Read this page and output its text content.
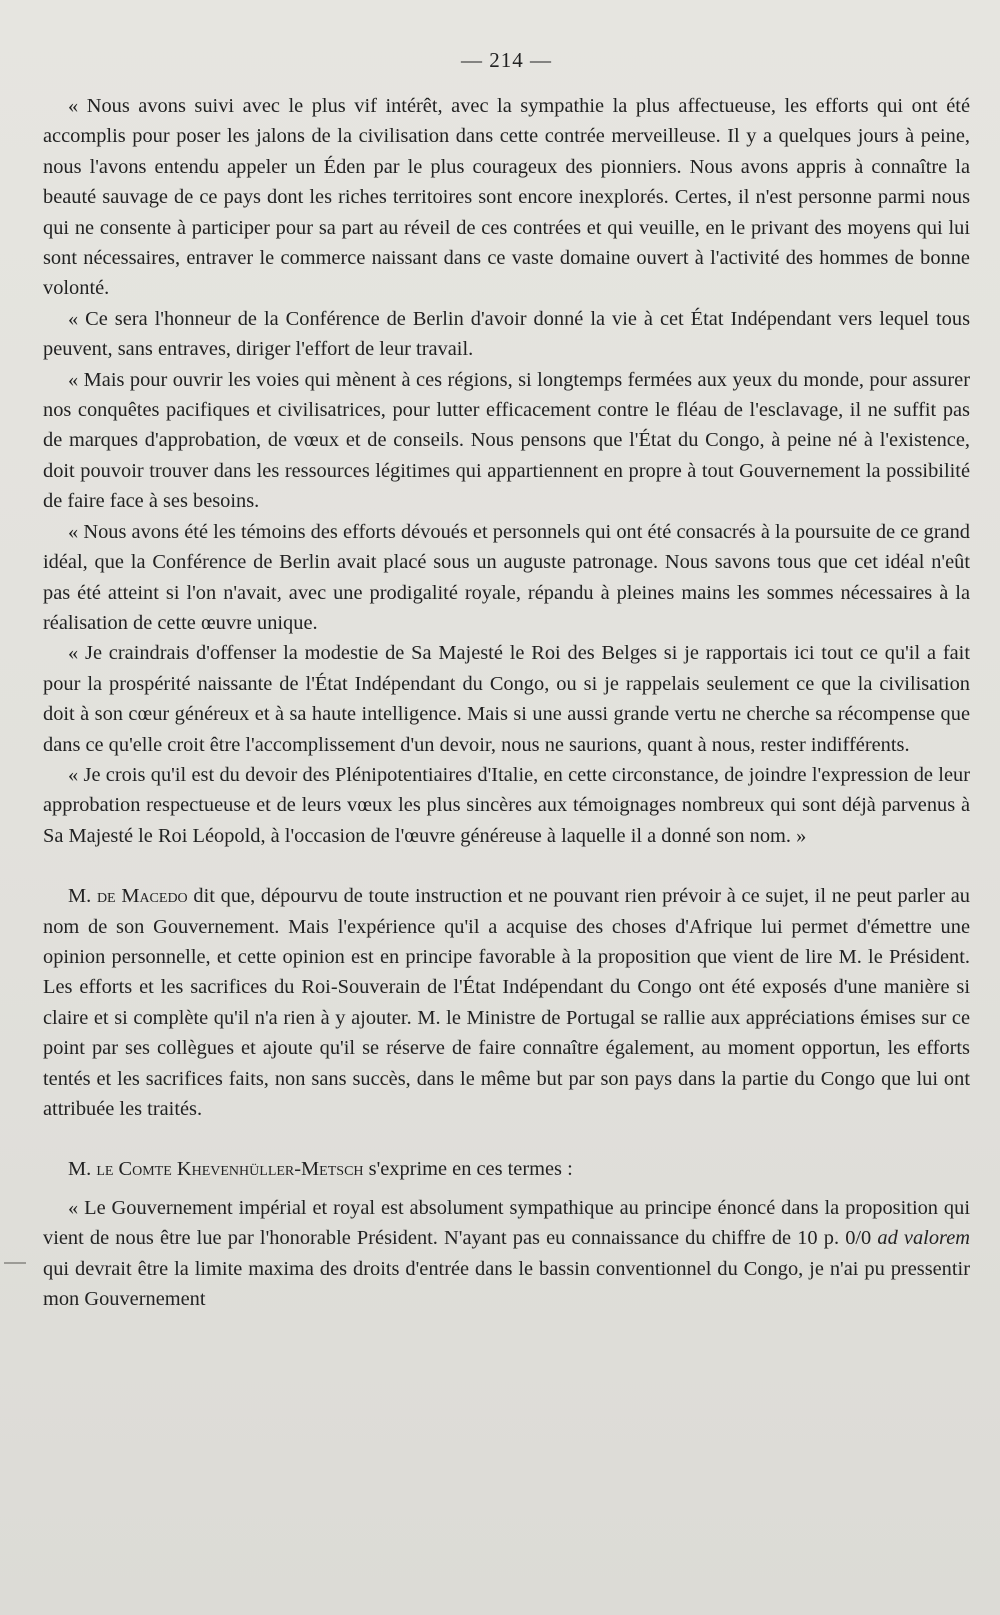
— 214 —

« Nous avons suivi avec le plus vif intérêt, avec la sympathie la plus affectueuse, les efforts qui ont été accomplis pour poser les jalons de la civilisation dans cette contrée merveilleuse. Il y a quelques jours à peine, nous l'avons entendu appeler un Éden par le plus courageux des pionniers. Nous avons appris à connaître la beauté sauvage de ce pays dont les riches territoires sont encore inexplorés. Certes, il n'est personne parmi nous qui ne consente à participer pour sa part au réveil de ces contrées et qui veuille, en le privant des moyens qui lui sont nécessaires, entraver le commerce naissant dans ce vaste domaine ouvert à l'activité des hommes de bonne volonté.

« Ce sera l'honneur de la Conférence de Berlin d'avoir donné la vie à cet État Indépendant vers lequel tous peuvent, sans entraves, diriger l'effort de leur travail.

« Mais pour ouvrir les voies qui mènent à ces régions, si longtemps fermées aux yeux du monde, pour assurer nos conquêtes pacifiques et civilisatrices, pour lutter efficacement contre le fléau de l'esclavage, il ne suffit pas de marques d'approbation, de vœux et de conseils. Nous pensons que l'État du Congo, à peine né à l'existence, doit pouvoir trouver dans les ressources légitimes qui appartiennent en propre à tout Gouvernement la possibilité de faire face à ses besoins.

« Nous avons été les témoins des efforts dévoués et personnels qui ont été consacrés à la poursuite de ce grand idéal, que la Conférence de Berlin avait placé sous un auguste patronage. Nous savons tous que cet idéal n'eût pas été atteint si l'on n'avait, avec une prodigalité royale, répandu à pleines mains les sommes nécessaires à la réalisation de cette œuvre unique.

« Je craindrais d'offenser la modestie de Sa Majesté le Roi des Belges si je rapportais ici tout ce qu'il a fait pour la prospérité naissante de l'État Indépendant du Congo, ou si je rappelais seulement ce que la civilisation doit à son cœur généreux et à sa haute intelligence. Mais si une aussi grande vertu ne cherche sa récompense que dans ce qu'elle croit être l'accomplissement d'un devoir, nous ne saurions, quant à nous, rester indifférents.

« Je crois qu'il est du devoir des Plénipotentiaires d'Italie, en cette circonstance, de joindre l'expression de leur approbation respectueuse et de leurs vœux les plus sincères aux témoignages nombreux qui sont déjà parvenus à Sa Majesté le Roi Léopold, à l'occasion de l'œuvre généreuse à laquelle il a donné son nom. »

M. de Macedo dit que, dépourvu de toute instruction et ne pouvant rien prévoir à ce sujet, il ne peut parler au nom de son Gouvernement. Mais l'expérience qu'il a acquise des choses d'Afrique lui permet d'émettre une opinion personnelle, et cette opinion est en principe favorable à la proposition que vient de lire M. le Président. Les efforts et les sacrifices du Roi-Souverain de l'État Indépendant du Congo ont été exposés d'une manière si claire et si complète qu'il n'a rien à y ajouter. M. le Ministre de Portugal se rallie aux appréciations émises sur ce point par ses collègues et ajoute qu'il se réserve de faire connaître également, au moment opportun, les efforts tentés et les sacrifices faits, non sans succès, dans le même but par son pays dans la partie du Congo que lui ont attribuée les traités.

M. le Comte Khevenhüller-Metsch s'exprime en ces termes :

« Le Gouvernement impérial et royal est absolument sympathique au principe énoncé dans la proposition qui vient de nous être lue par l'honorable Président. N'ayant pas eu connaissance du chiffre de 10 p. 0/0 ad valorem qui devrait être la limite maxima des droits d'entrée dans le bassin conventionnel du Congo, je n'ai pu pressentir mon Gouvernement
